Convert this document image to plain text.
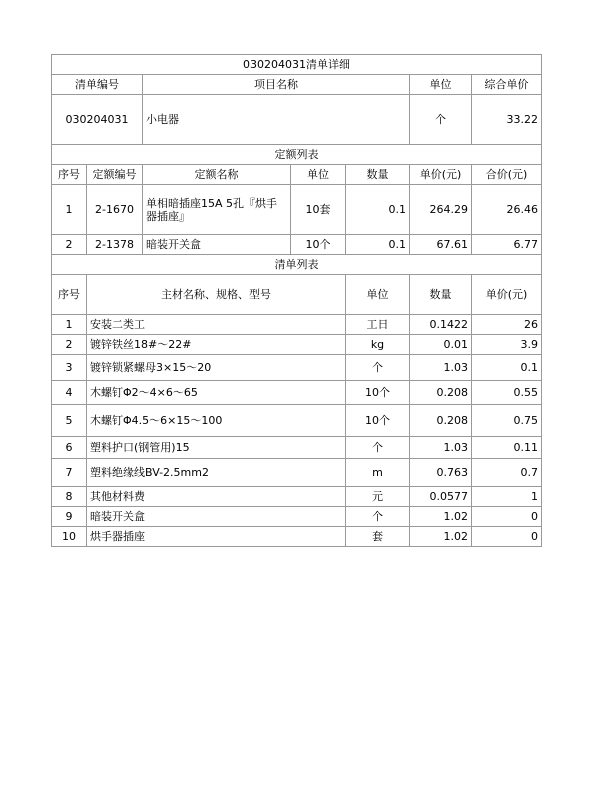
030204031清单详细							
清单编号		项目名称			单位	综合单价	
030204031		小电器			个	33.22	
定额列表							
序号	定额编号	定额名称	单位	数量	单价(元)	合价(元)	
1	2-1670	单相暗插座15A 5孔『烘手器插座』	10套	0.1	264.29	26.46	
2	2-1378	暗装开关盒	10个	0.1	67.61	6.77	
清单列表							
序号	主材名称、规格、型号			单位	数量	单价(元)	
1	安装二类工			工日	0.1422	26	
2	镀锌铁丝18#～22#			kg	0.01	3.9	
3	镀锌锁紧螺母3×15～20			个	1.03	0.1	
4	木螺钉Φ2～4×6～65			10个	0.208	0.55	
5	木螺钉Φ4.5～6×15～100			10个	0.208	0.75	
6	塑料护口(钢管用)15			个	1.03	0.11	
7	塑料绝缘线BV-2.5mm2			m	0.763	0.7	
8	其他材料费			元	0.0577	1	
9	暗装开关盒			个	1.02	0	
10	烘手器插座			套	1.02	0	
